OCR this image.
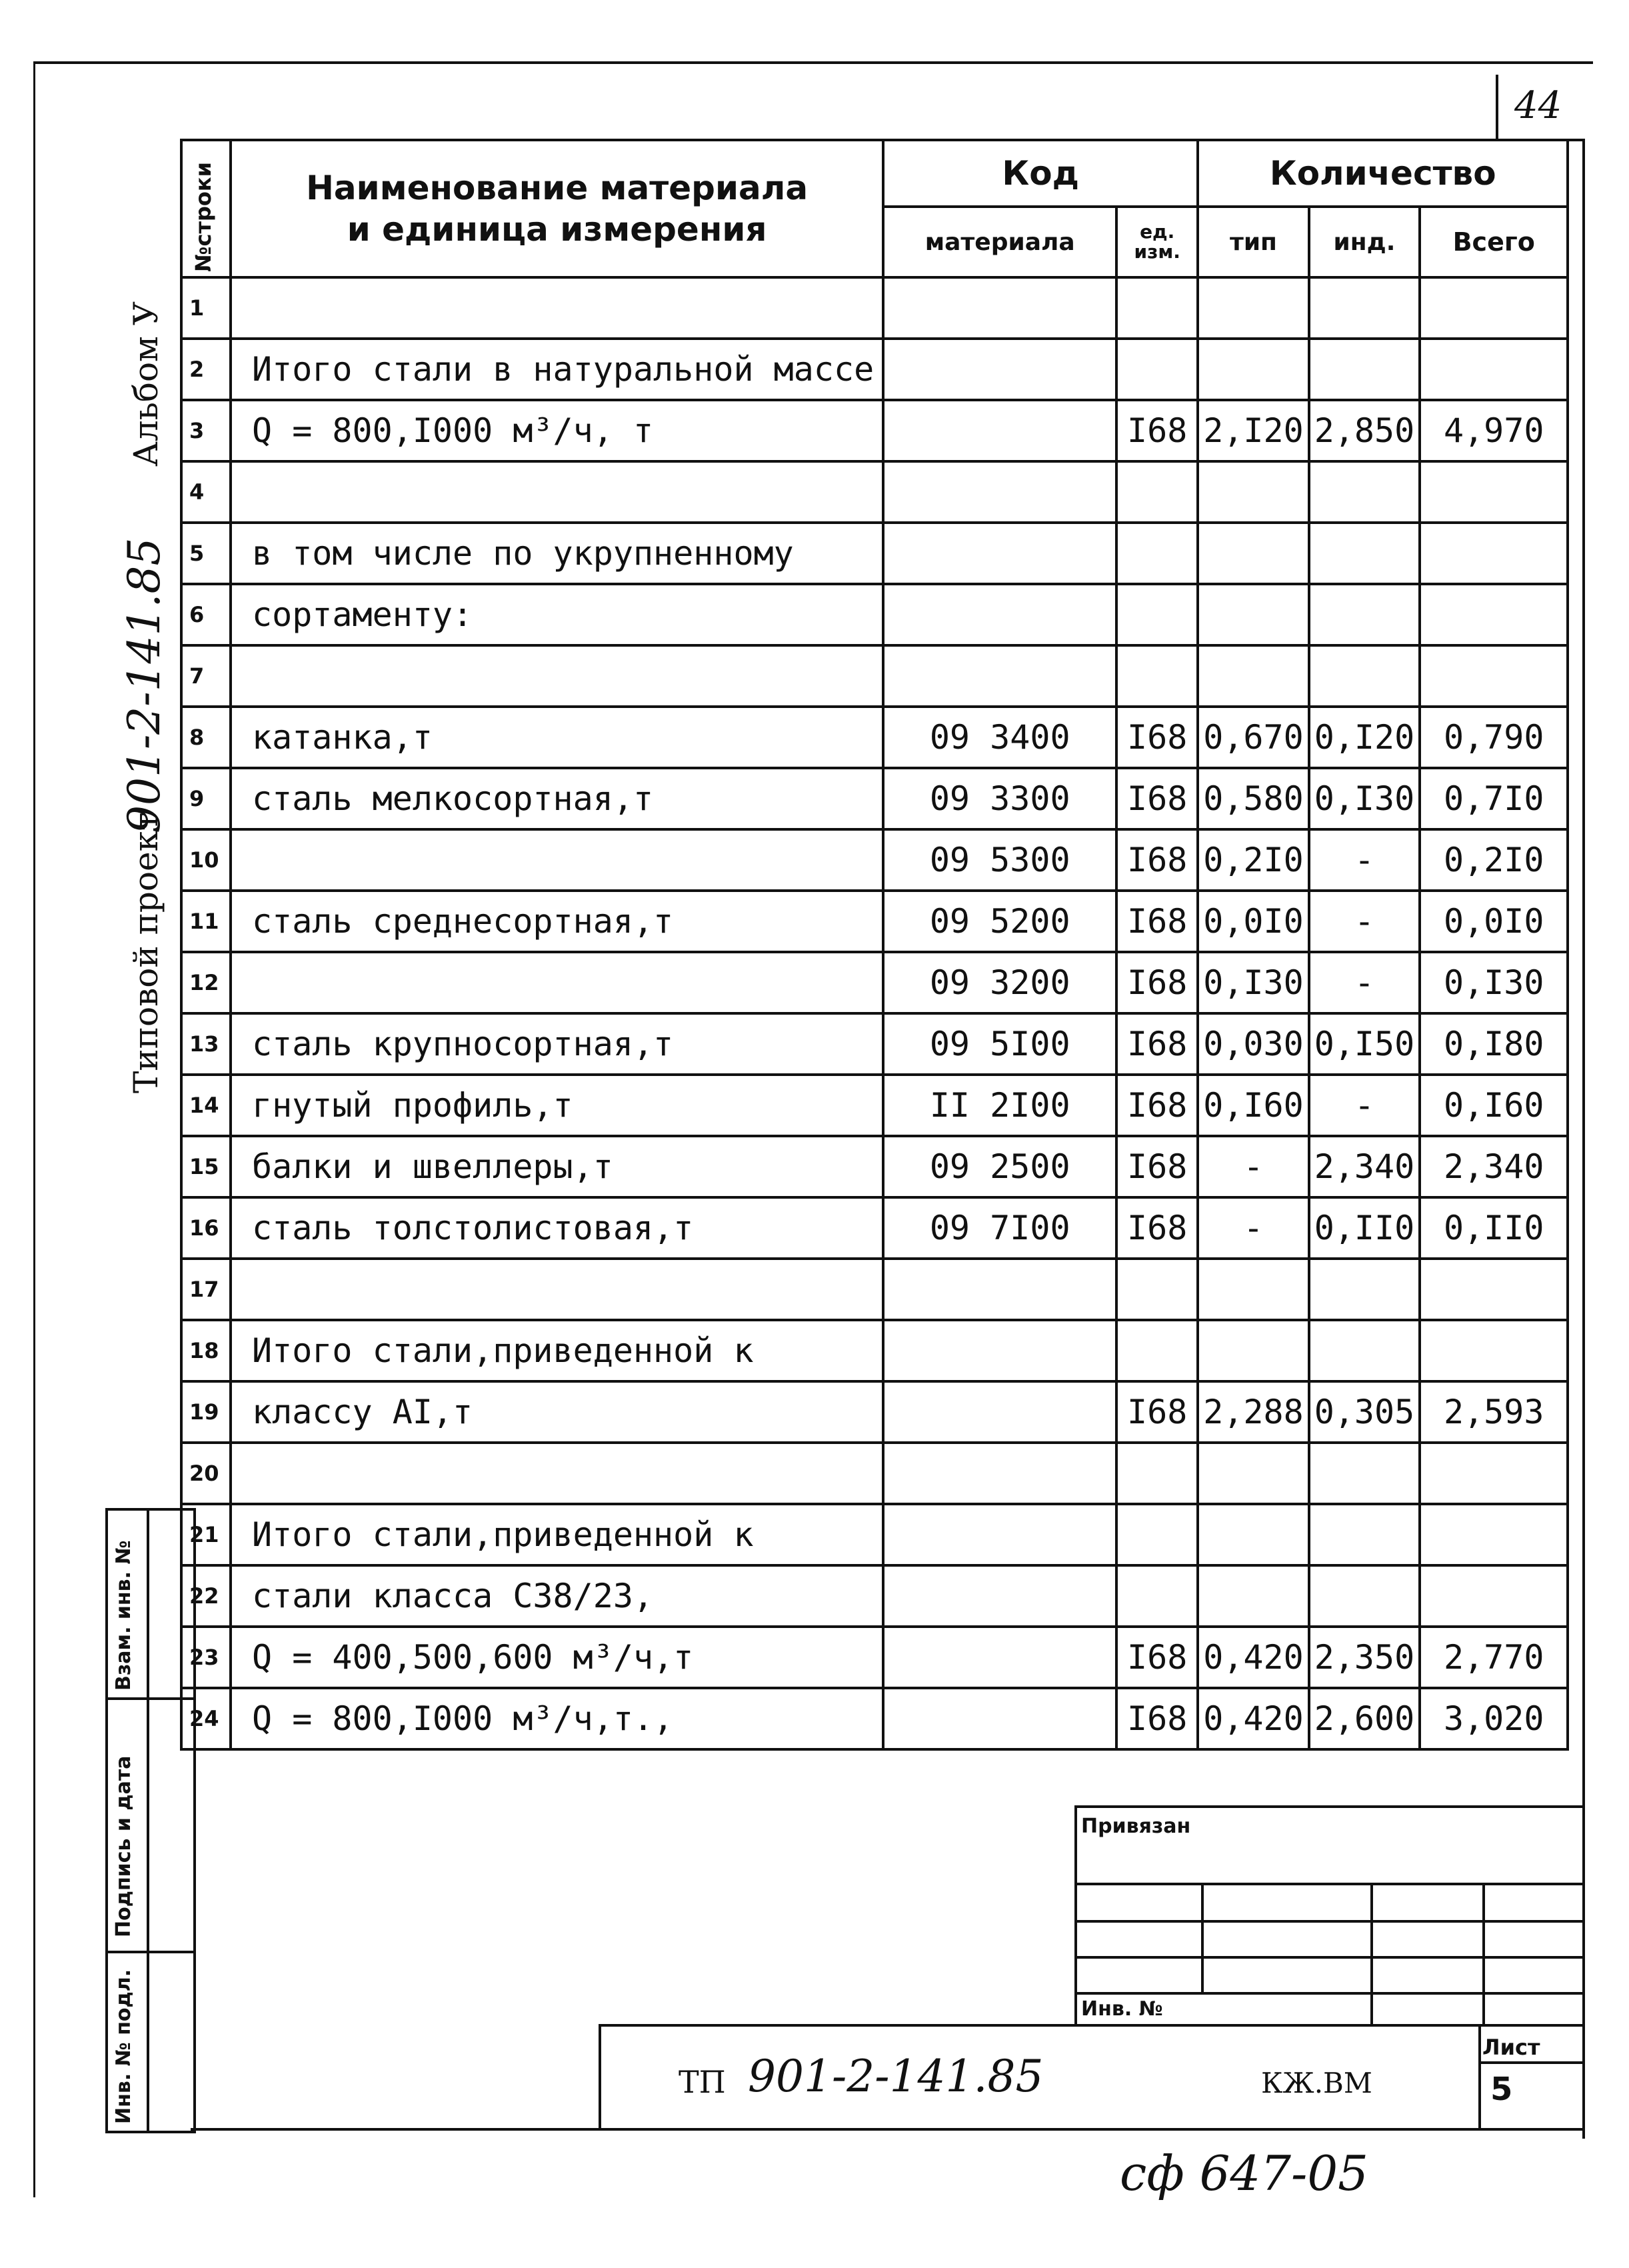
44
Альбом У
901-2-141.85
Типовой проект
№строки	Наименование материала
и единица измерения	Код		Количество		
		материала	ед. изм.	тип	инд.	Всего
1						
2	Итого стали в натуральной массе					
3	Q = 800,I000 м³/ч, т		I68	2,I20	2,850	4,970
4						
5	в том числе по укрупненному					
6	сортаменту:					
7						
8	катанка,т	09 3400	I68	0,670	0,I20	0,790
9	сталь мелкосортная,т	09 3300	I68	0,580	0,I30	0,7I0
10		09 5300	I68	0,2I0	-	0,2I0
11	сталь среднесортная,т	09 5200	I68	0,0I0	-	0,0I0
12		09 3200	I68	0,I30	-	0,I30
13	сталь крупносортная,т	09 5I00	I68	0,030	0,I50	0,I80
14	гнутый профиль,т	II 2I00	I68	0,I60	-	0,I60
15	балки и швеллеры,т	09 2500	I68	-	2,340	2,340
16	сталь толстолистовая,т	09 7I00	I68	-	0,II0	0,II0
17						
18	Итого стали,приведенной к					
19	классу AI,т		I68	2,288	0,305	2,593
20						
21	Итого стали,приведенной к					
22	стали класса С38/23,					
23	Q = 400,500,600 м³/ч,т		I68	0,420	2,350	2,770
24	Q = 800,I000 м³/ч,т.,		I68	0,420	2,600	3,020
Взам. инв. №
Подпись и дата
Инв. № подл.
Привязан
Инв. №
ТП 901-2-141.85	КЖ.ВМ
Лист
5
сф 647-05
